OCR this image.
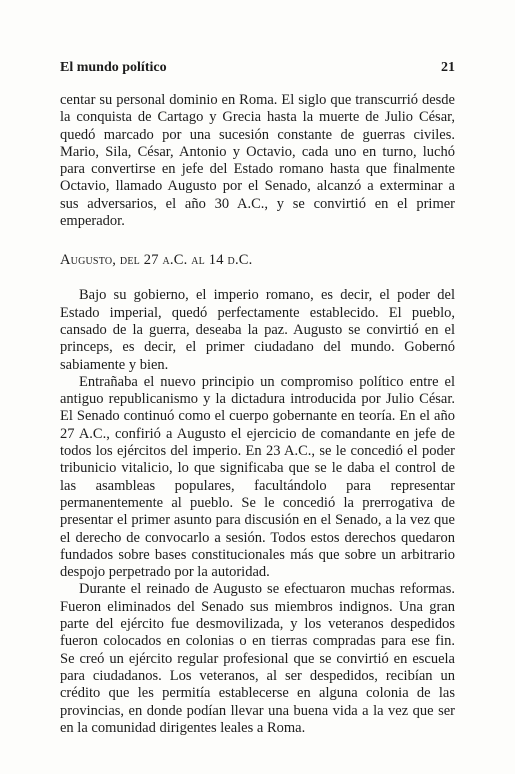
El mundo político	21

centar su personal dominio en Roma. El siglo que transcurrió desde la conquista de Cartago y Grecia hasta la muerte de Julio César, quedó marcado por una sucesión constante de guerras civiles. Mario, Sila, César, Antonio y Octavio, cada uno en turno, luchó para convertirse en jefe del Estado romano hasta que finalmente Octavio, llamado Augusto por el Senado, alcanzó a exterminar a sus adversarios, el año 30 A.C., y se convirtió en el primer emperador.

Augusto, del 27 a.C. al 14 d.C.

Bajo su gobierno, el imperio romano, es decir, el poder del Estado imperial, quedó perfectamente establecido. El pueblo, cansado de la guerra, deseaba la paz. Augusto se convirtió en el princeps, es decir, el primer ciudadano del mundo. Gobernó sabiamente y bien.

Entrañaba el nuevo principio un compromiso político entre el antiguo republicanismo y la dictadura introducida por Julio César. El Senado continuó como el cuerpo gobernante en teoría. En el año 27 A.C., confirió a Augusto el ejercicio de comandante en jefe de todos los ejércitos del imperio. En 23 A.C., se le concedió el poder tribunicio vitalicio, lo que significaba que se le daba el control de las asambleas populares, facultándolo para representar permanentemente al pueblo. Se le concedió la prerrogativa de presentar el primer asunto para discusión en el Senado, a la vez que el derecho de convocarlo a sesión. Todos estos derechos quedaron fundados sobre bases constitucionales más que sobre un arbitrario despojo perpetrado por la autoridad.

Durante el reinado de Augusto se efectuaron muchas reformas. Fueron eliminados del Senado sus miembros indignos. Una gran parte del ejército fue desmovilizada, y los veteranos despedidos fueron colocados en colonias o en tierras compradas para ese fin. Se creó un ejército regular profesional que se convirtió en escuela para ciudadanos. Los veteranos, al ser despedidos, recibían un crédito que les permitía establecerse en alguna colonia de las provincias, en donde podían llevar una buena vida a la vez que ser en la comunidad dirigentes leales a Roma.
